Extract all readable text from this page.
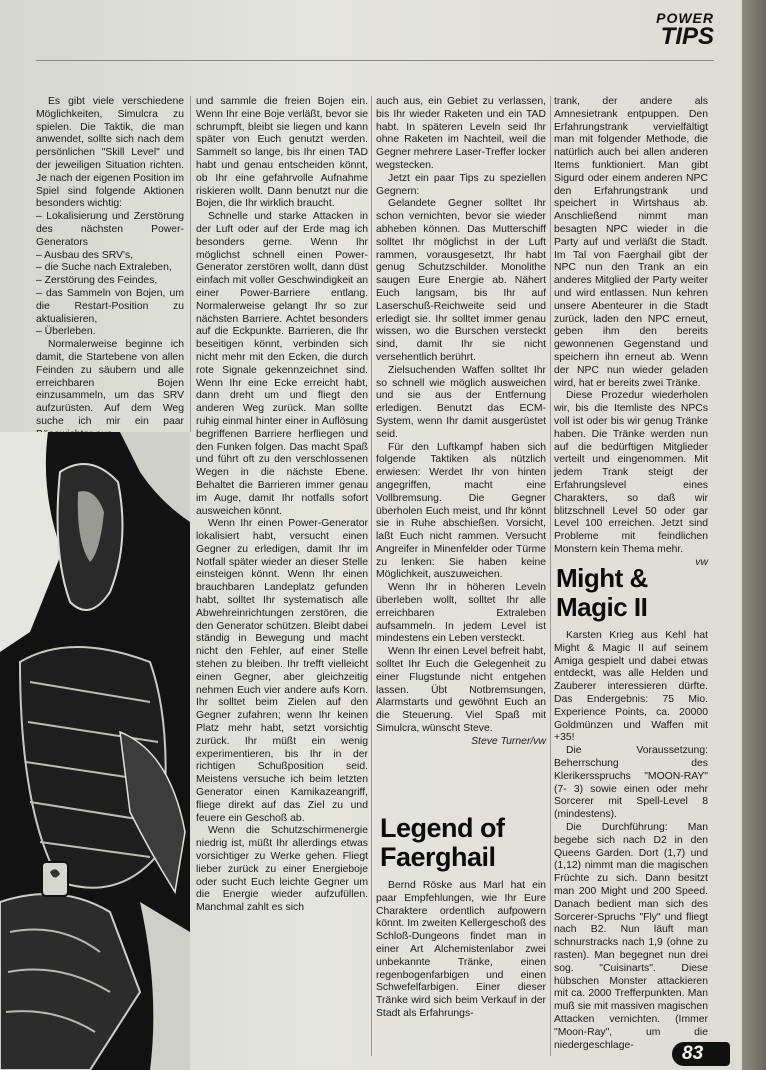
POWER
TIPS

Es gibt viele verschiedene Möglichkeiten, Simulcra zu spielen. Die Taktik, die man anwendet, sollte sich nach dem persönlichen "Skill Level" und der jeweiligen Situation richten. Je nach der eigenen Position im Spiel sind folgende Aktionen besonders wichtig:

– Lokalisierung und Zerstörung des nächsten Power-Generators

– Ausbau des SRV's,

– die Suche nach Extraleben,

– Zerstörung des Feindes,

– das Sammeln von Bojen, um die Restart-Position zu aktualisieren,

– Überleben.

Normalerweise beginne ich damit, die Startebene von allen Feinden zu säubern und alle erreichbaren Bojen einzusammeln, um das SRV aufzurüsten. Auf dem Weg suche ich mir ein paar

und sammle die freien Bojen ein. Wenn Ihr eine Boje verläßt, bevor sie schrumpft, bleibt sie liegen und kann später von Euch genutzt werden. Sammelt so lange, bis Ihr einen TAD habt und genau entscheiden könnt, ob Ihr eine gefahrvolle Aufnahme riskieren wollt. Dann benutzt nur die Bojen, die Ihr wirklich braucht.

Schnelle und starke Attacken in der Luft oder auf der Erde mag ich besonders gerne. Wenn Ihr möglichst schnell einen Power-Generator zerstören wollt, dann düst einfach mit voller Geschwindigkeit an einer Power-Barriere entlang. Normalerweise gelangt Ihr so zur nächsten Barriere. Achtet besonders auf die Eckpunkte. Barrieren, die Ihr beseitigen könnt, verbinden sich nicht mehr mit den Ecken, die durch rote Signale gekennzeichnet sind. Wenn Ihr eine Ecke erreicht habt, dann dreht um und fliegt den anderen Weg zurück. Man sollte ruhig einmal hinter einer in Auflösung begriffenen Barriere herfliegen und den Funken folgen. Das macht Spaß und führt oft zu den verschlossenen Wegen in die nächste Ebene. Behaltet die Barrieren immer genau im Auge, damit Ihr notfalls sofort ausweichen könnt.

Wenn Ihr einen Power-Generator lokalisiert habt, versucht einen Gegner zu erledigen, damit Ihr im Notfall später wieder an dieser Stelle einsteigen könnt. Wenn Ihr einen brauchbaren Landeplatz gefunden habt, solltet Ihr systematisch alle Abwehreinrichtungen zerstören, die den Generator schützen. Bleibt dabei ständig in Bewegung und macht nicht den Fehler, auf einer Stelle stehen zu bleiben. Ihr trefft vielleicht einen Gegner, aber gleichzeitig nehmen Euch vier andere aufs Korn. Ihr solltet beim Zielen auf den Gegner zufahren; wenn Ihr keinen Platz mehr habt, setzt vorsichtig zurück. Ihr müßt ein wenig experimentieren, bis Ihr in der richtigen Schußposition seid. Meistens versuche ich beim letzten Generator einen Kamikazeangriff, fliege direkt auf das Ziel zu und feuere ein Geschoß ab.

Wenn die Schutzschirmenergie niedrig ist, müßt Ihr allerdings etwas vorsichtiger zu Werke gehen. Fliegt lieber zurück zu einer Energieboje oder sucht Euch leichte Gegner um die Energie wieder aufzufüllen. Manchmal zahlt es sich

auch aus, ein Gebiet zu verlassen, bis Ihr wieder Raketen und ein TAD habt. In späteren Leveln seid Ihr ohne Raketen im Nachteil, weil die Gegner mehrere Laser-Treffer locker wegstecken.

Jetzt ein paar Tips zu speziellen Gegnern:

Gelandete Gegner solltet Ihr schon vernichten, bevor sie wieder abheben können. Das Mutterschiff solltet Ihr möglichst in der Luft rammen, vorausgesetzt, Ihr habt genug Schutzschilder. Monolithe saugen Eure Energie ab. Nähert Euch langsam, bis Ihr auf Laserschuß-Reichweite seid und erledigt sie. Ihr solltet immer genau wissen, wo die Burschen versteckt sind, damit Ihr sie nicht versehentlich berührt.

Zielsuchenden Waffen solltet Ihr so schnell wie möglich ausweichen und sie aus der Entfernung erledigen. Benutzt das ECM-System, wenn Ihr damit ausgerüstet seid.

Für den Luftkampf haben sich folgende Taktiken als nützlich erwiesen: Werdet Ihr von hinten angegriffen, macht eine Vollbremsung. Die Gegner überholen Euch meist, und Ihr könnt sie in Ruhe abschießen. Vorsicht, laßt Euch nicht rammen. Versucht Angreifer in Minenfelder oder Türme zu lenken: Sie haben keine Möglichkeit, auszuweichen.

Wenn Ihr in höheren Leveln überleben wollt, solltet Ihr alle erreichbaren Extraleben aufsammeln. In jedem Level ist mindestens ein Leben versteckt.

Wenn Ihr einen Level befreit habt, solltet Ihr Euch die Gelegenheit zu einer Flugstunde nicht entgehen lassen. Übt Notbremsungen, Alarmstarts und gewöhnt Euch an die Steuerung. Viel Spaß mit Simulcra, wünscht Steve.

Steve Turner/vw

Legend of Faerghail

Bernd Röske aus Marl hat ein paar Empfehlungen, wie Ihr Eure Charaktere ordentlich aufpowern könnt. Im zweiten Kellergeschoß des Schloß-Dungeons findet man in einer Art Alchemistenlabor zwei unbekannte Tränke, einen regenbogenfarbigen und einen Schwefelfarbigen. Einer dieser Tränke wird sich beim Verkauf in der Stadt als Erfahrungs-

trank, der andere als Amnesietrank entpuppen. Den Erfahrungstrank vervielfältigt man mit folgender Methode, die natürlich auch bei allen anderen Items funktioniert. Man gibt Sigurd oder einem anderen NPC den Erfahrungstrank und speichert in Wirtshaus ab. Anschließend nimmt man besagten NPC wieder in die Party auf und verläßt die Stadt. Im Tal von Faerghail gibt der NPC nun den Trank an ein anderes Mitglied der Party weiter und wird entlassen. Nun kehren unsere Abenteurer in die Stadt zurück, laden den NPC erneut, geben ihm den bereits gewonnenen Gegenstand und speichern ihn erneut ab. Wenn der NPC nun wieder geladen wird, hat er bereits zwei Tränke.

Diese Prozedur wiederholen wir, bis die Itemliste des NPCs voll ist oder bis wir genug Tränke haben. Die Tränke werden nun auf die bedürftigen Mitglieder verteilt und eingenommen. Mit jedem Trank steigt der Erfahrungslevel eines Charakters, so daß wir blitzschnell Level 50 oder gar Level 100 erreichen. Jetzt sind Probleme mit feindlichen Monstern kein Thema mehr.

vw

Might & Magic II

Karsten Krieg aus Kehl hat Might & Magic II auf seinem Amiga gespielt und dabei etwas entdeckt, was alle Helden und Zauberer interessieren dürfte. Das Endergebnis: 75 Mio. Experience Points, ca. 20000 Goldmünzen und Waffen mit +35!

Die Voraussetzung: Beherrschung des Klerikersspruchs "MOON-RAY" (7- 3) sowie einen oder mehr Sorcerer mit Spell-Level 8 (mindestens).

Die Durchführung: Man begebe sich nach D2 in den Queens Garden. Dort (1,7) und (1,12) nimmt man die magischen Früchte zu sich. Dann besitzt man 200 Might und 200 Speed. Danach bedient man sich des Sorcerer-Spruchs "Fly" und fliegt nach B2. Nun läuft man schnurstracks nach 1,9 (ohne zu rasten). Man begegnet nun drei sog. "Cuisinarts". Diese hübschen Monster attackieren mit ca. 2000 Trefferpunkten. Man muß sie mit massiven magischen Attacken vernichten. (Immer "Moon-Ray", um die niedergeschlage-	83
